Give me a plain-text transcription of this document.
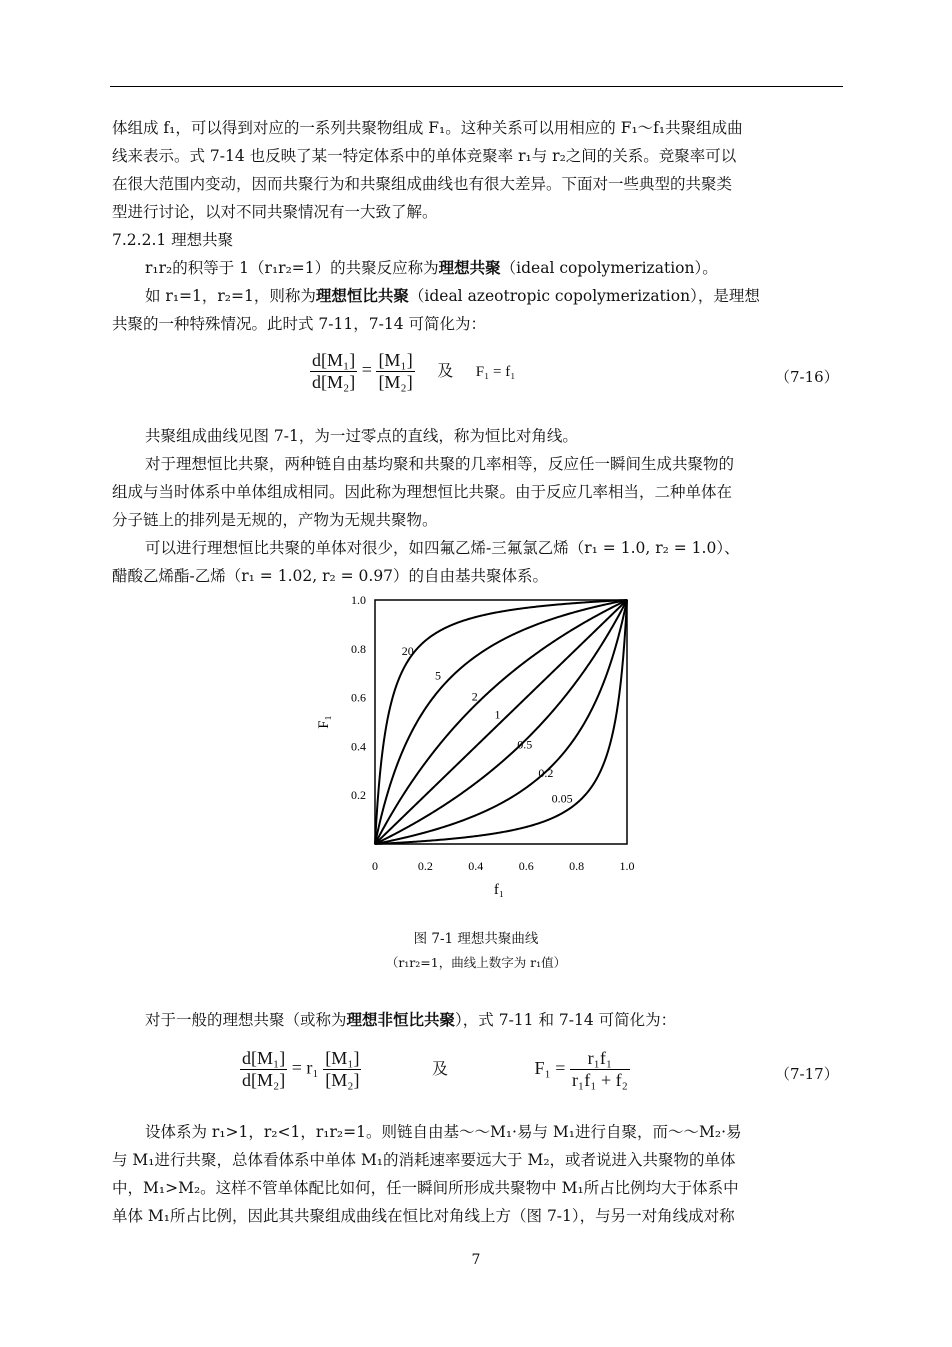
体组成 f₁，可以得到对应的一系列共聚物组成 F₁。这种关系可以用相应的 F₁～f₁共聚组成曲
线来表示。式 7-14 也反映了某一特定体系中的单体竞聚率 r₁与 r₂之间的关系。竞聚率可以
在很大范围内变动，因而共聚行为和共聚组成曲线也有很大差异。下面对一些典型的共聚类
型进行讨论，以对不同共聚情况有一大致了解。
7.2.2.1 理想共聚
r₁r₂的积等于 1（r₁r₂=1）的共聚反应称为理想共聚（ideal copolymerization）。
如 r₁=1，r₂=1，则称为理想恒比共聚（ideal azeotropic copolymerization），是理想
共聚的一种特殊情况。此时式 7-11，7-14 可简化为：
$\frac{\text{d[M₁]}}{\text{d[M₂]}} = \frac{\text{[M₁]}}{\text{[M₂]}}$ 及 F₁ = f₁	（7-16）
共聚组成曲线见图 7-1，为一过零点的直线，称为恒比对角线。
对于理想恒比共聚，两种链自由基均聚和共聚的几率相等，反应任一瞬间生成共聚物的
组成与当时体系中单体组成相同。因此称为理想恒比共聚。由于反应几率相当，二种单体在
分子链上的排列是无规的，产物为无规共聚物。
可以进行理想恒比共聚的单体对很少，如四氟乙烯-三氟氯乙烯（r₁ = 1.0, r₂ = 1.0）、
醋酸乙烯酯-乙烯（r₁ = 1.02, r₂ = 0.97）的自由基共聚体系。
0	0.2	0.4	0.6	0.8	1.0
0.2
0.4
0.6
0.8
1.0
20
5
2
1
0.5
0.2
0.05
f₁
F₁
图 7-1 理想共聚曲线
（r₁r₂=1，曲线上数字为 r₁值）
对于一般的理想共聚（或称为理想非恒比共聚），式 7-11 和 7-14 可简化为：
$\frac{\text{d[M₁]}}{\text{d[M₂]}} = r_1 \frac{\text{[M₁]}}{\text{[M₂]}}$	及	$F_1 = \frac{\text{r₁f₁}}{\text{r₁f₁ + f₂}}$	（7-17）
设体系为 r₁>1，r₂<1，r₁r₂=1。则链自由基～～M₁·易与 M₁进行自聚，而～～M₂·易
与 M₁进行共聚，总体看体系中单体 M₁的消耗速率要远大于 M₂，或者说进入共聚物的单体
中，M₁>M₂。这样不管单体配比如何，任一瞬间所形成共聚物中 M₁所占比例均大于体系中
单体 M₁所占比例，因此其共聚组成曲线在恒比对角线上方（图 7-1），与另一对角线成对称
7
